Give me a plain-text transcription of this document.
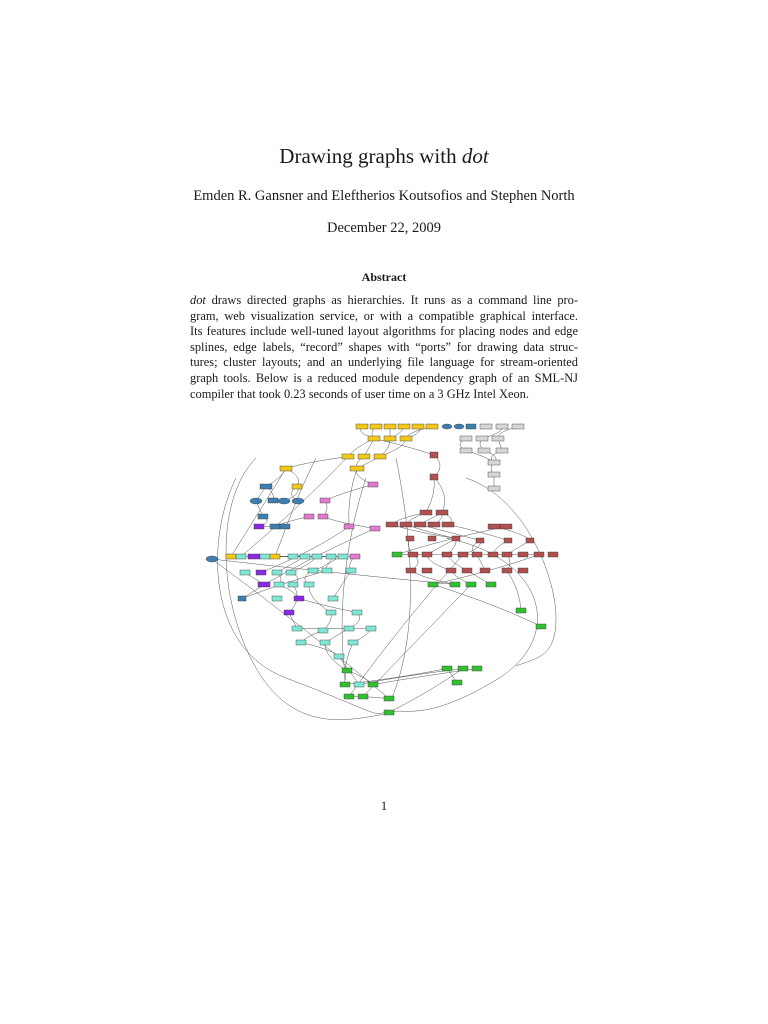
Drawing graphs with dot
Emden R. Gansner and Eleftherios Koutsofios and Stephen North
December 22, 2009
Abstract
dot draws directed graphs as hierarchies. It runs as a command line pro-
gram, web visualization service, or with a compatible graphical interface.
Its features include well-tuned layout algorithms for placing nodes and edge
splines, edge labels, “record” shapes with “ports” for drawing data struc-
tures; cluster layouts; and an underlying file language for stream-oriented
graph tools. Below is a reduced module dependency graph of an SML-NJ
compiler that took 0.23 seconds of user time on a 3 GHz Intel Xeon.
1
